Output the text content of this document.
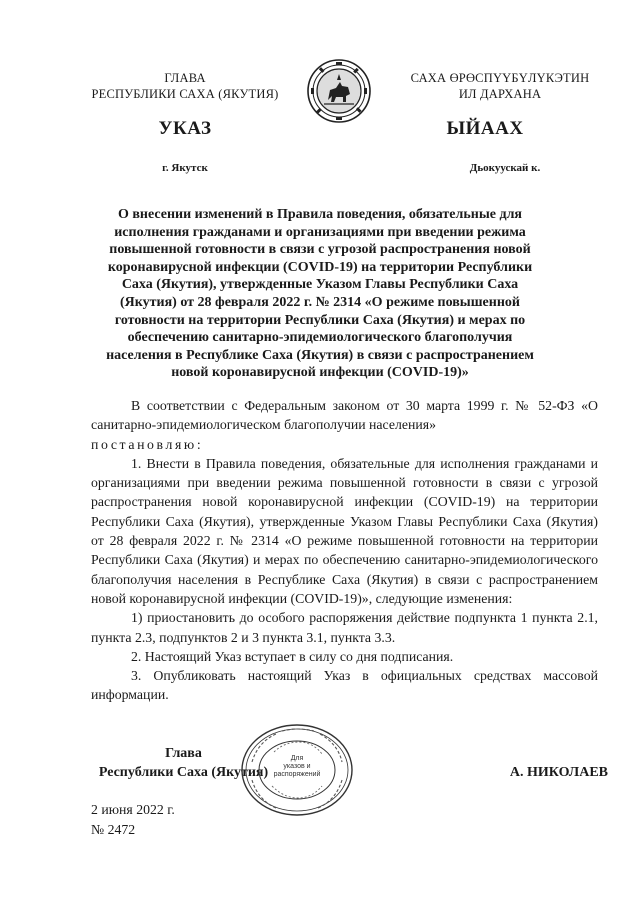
ГЛАВА
РЕСПУБЛИКИ САХА (ЯКУТИЯ)
САХА ӨРӨСПҮҮБҮЛҮКЭТИН
ИЛ ДАРХАНА
УКАЗ	ЫЙААХ
г. Якутск	Дьокуускай к.
О внесении изменений в Правила поведения, обязательные для исполнения гражданами и организациями при введении режима повышенной готовности в связи с угрозой распространения новой коронавирусной инфекции (COVID-19) на территории Республики Саха (Якутия), утвержденные Указом Главы Республики Саха (Якутия) от 28 февраля 2022 г. № 2314 «О режиме повышенной готовности на территории Республики Саха (Якутия) и мерах по обеспечению санитарно-эпидемиологического благополучия населения в Республике Саха (Якутия) в связи с распространением новой коронавирусной инфекции (COVID-19)»

В соответствии с Федеральным законом от 30 марта 1999 г. № 52-ФЗ «О санитарно-эпидемиологическом благополучии населения»

постановляю:

1. Внести в Правила поведения, обязательные для исполнения гражданами и организациями при введении режима повышенной готовности в связи с угрозой распространения новой коронавирусной инфекции (COVID-19) на территории Республики Саха (Якутия), утвержденные Указом Главы Республики Саха (Якутия) от 28 февраля 2022 г. № 2314 «О режиме повышенной готовности на территории Республики Саха (Якутия) и мерах по обеспечению санитарно-эпидемиологического благополучия населения в Республике Саха (Якутия) в связи с распространением новой коронавирусной инфекции (COVID-19)», следующие изменения:

1) приостановить до особого распоряжения действие подпункта 1 пункта 2.1, пункта 2.3, подпунктов 2 и 3 пункта 3.1, пункта 3.3.

2. Настоящий Указ вступает в силу со дня подписания.

3. Опубликовать настоящий Указ в официальных средствах массовой информации.

Глава
Республики Саха (Якутия)
Для
указов и
распоряжений	А. НИКОЛАЕВ
2 июня 2022 г.
№ 2472
